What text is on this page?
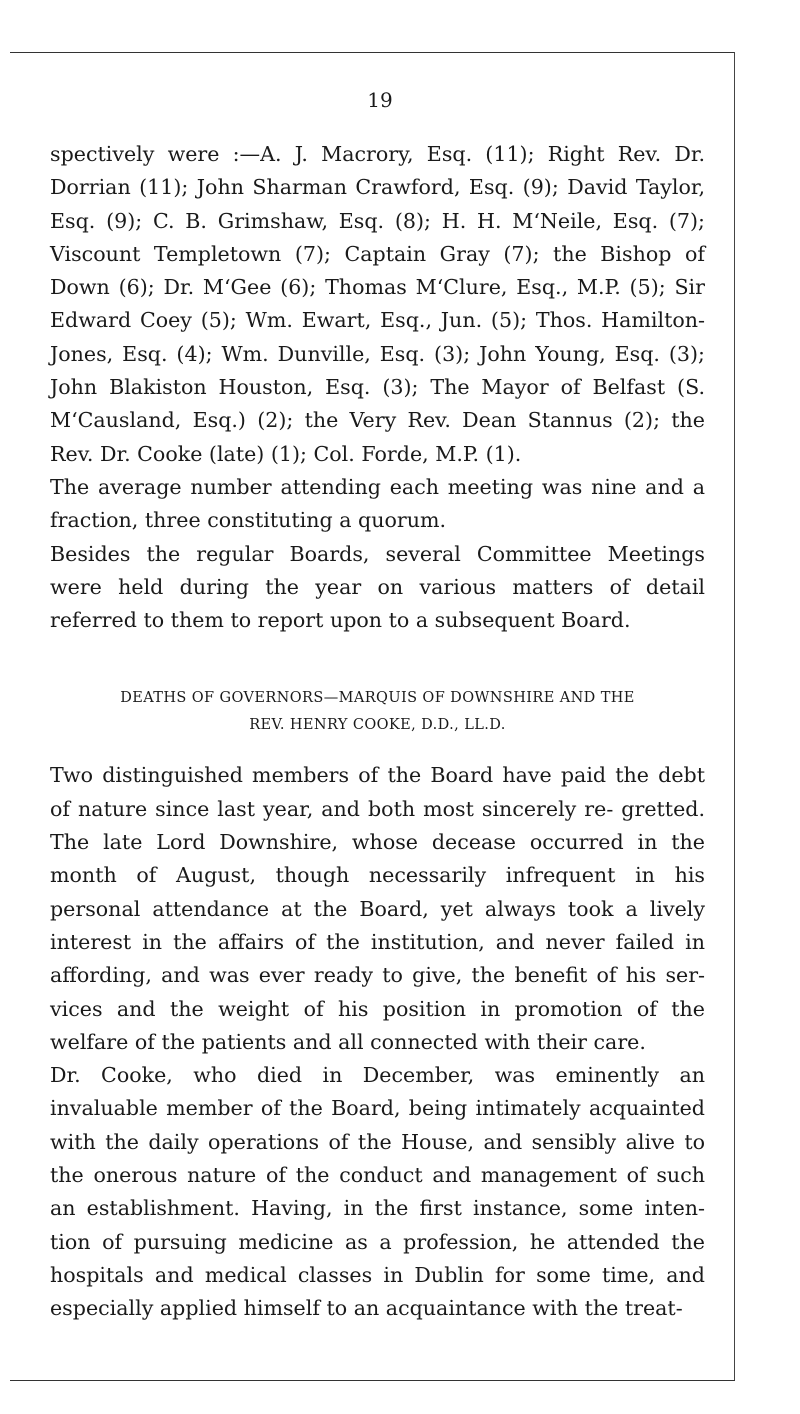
19

spectively were :—A. J. Macrory, Esq. (11); Right Rev. Dr. Dorrian (11); John Sharman Crawford, Esq. (9); David Taylor, Esq. (9); C. B. Grimshaw, Esq. (8); H. H. M‘Neile, Esq. (7); Viscount Templetown (7); Captain Gray (7); the Bishop of Down (6); Dr. M‘Gee (6); Thomas M‘Clure, Esq., M.P. (5); Sir Edward Coey (5); Wm. Ewart, Esq., Jun. (5); Thos. Hamilton-Jones, Esq. (4); Wm. Dunville, Esq. (3); John Young, Esq. (3); John Blakiston Houston, Esq. (3); The Mayor of Belfast (S. M‘Causland, Esq.) (2); the Very Rev. Dean Stannus (2); the Rev. Dr. Cooke (late) (1); Col. Forde, M.P. (1).

The average number attending each meeting was nine and a fraction, three constituting a quorum.

Besides the regular Boards, several Committee Meetings were held during the year on various matters of detail referred to them to report upon to a subsequent Board.

DEATHS OF GOVERNORS—MARQUIS OF DOWNSHIRE AND THE
REV. HENRY COOKE, D.D., LL.D.

Two distinguished members of the Board have paid the debt of nature since last year, and both most sincerely re- gretted. The late Lord Downshire, whose decease occurred in the month of August, though necessarily infrequent in his personal attendance at the Board, yet always took a lively interest in the affairs of the institution, and never failed in affording, and was ever ready to give, the benefit of his ser- vices and the weight of his position in promotion of the welfare of the patients and all connected with their care.

Dr. Cooke, who died in December, was eminently an invaluable member of the Board, being intimately acquainted with the daily operations of the House, and sensibly alive to the onerous nature of the conduct and management of such an establishment. Having, in the first instance, some inten- tion of pursuing medicine as a profession, he attended the hospitals and medical classes in Dublin for some time, and especially applied himself to an acquaintance with the treat-
